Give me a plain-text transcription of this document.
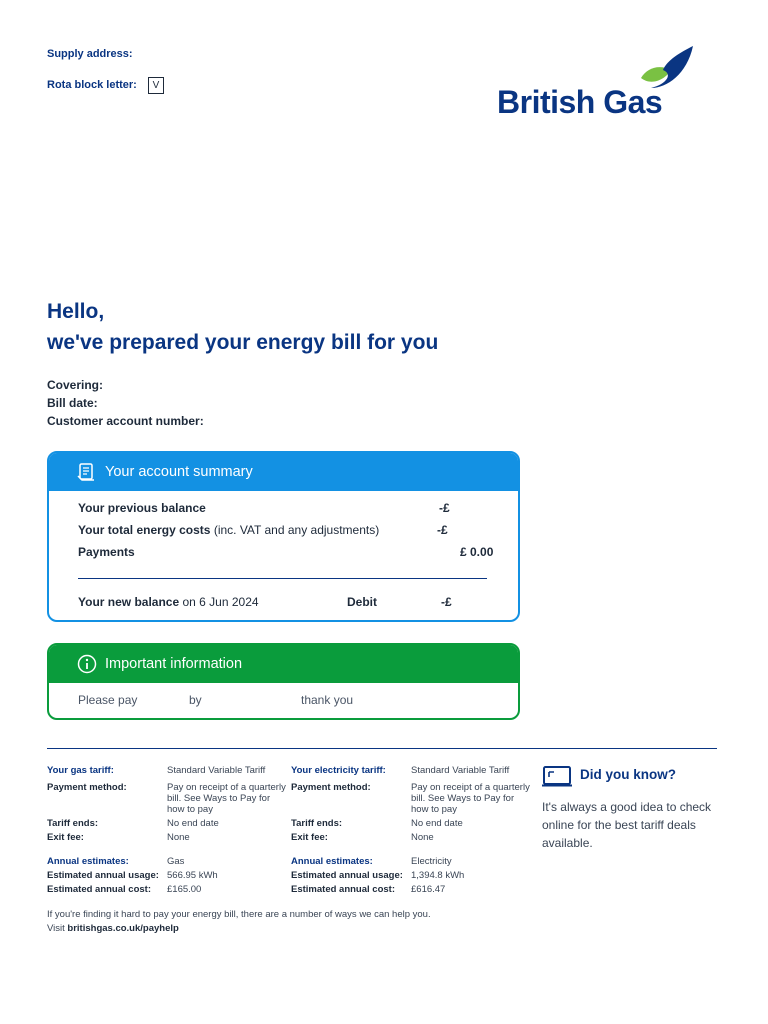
Supply address:
Rota block letter:	V	British Gas
Hello,
we've prepared your energy bill for you
Covering:
Bill date:
Customer account number:
Your account summary
Your previous balance	-£
Your total energy costs (inc. VAT and any adjustments)	-£
Payments	£ 0.00
Your new balance on 6 Jun 2024	Debit	-£
Important information
Please pay	by	thank you
Your gas tariff:	Standard Variable Tariff
Payment method:	Pay on receipt of a quarterly bill. See Ways to Pay for how to pay
Tariff ends:	No end date
Exit fee:	None
Annual estimates:	Gas
Estimated annual usage: 566.95 kWh
Estimated annual cost: £165.00
Your electricity tariff:	Standard Variable Tariff
Payment method:	Pay on receipt of a quarterly bill. See Ways to Pay for how to pay
Tariff ends:	No end date
Exit fee:	None
Annual estimates:	Electricity
Estimated annual usage: 1,394.8 kWh
Estimated annual cost: £616.47
Did you know?
It's always a good idea to check online for the best tariff deals available.
If you're finding it hard to pay your energy bill, there are a number of ways we can help you. Visit britishgas.co.uk/payhelp
